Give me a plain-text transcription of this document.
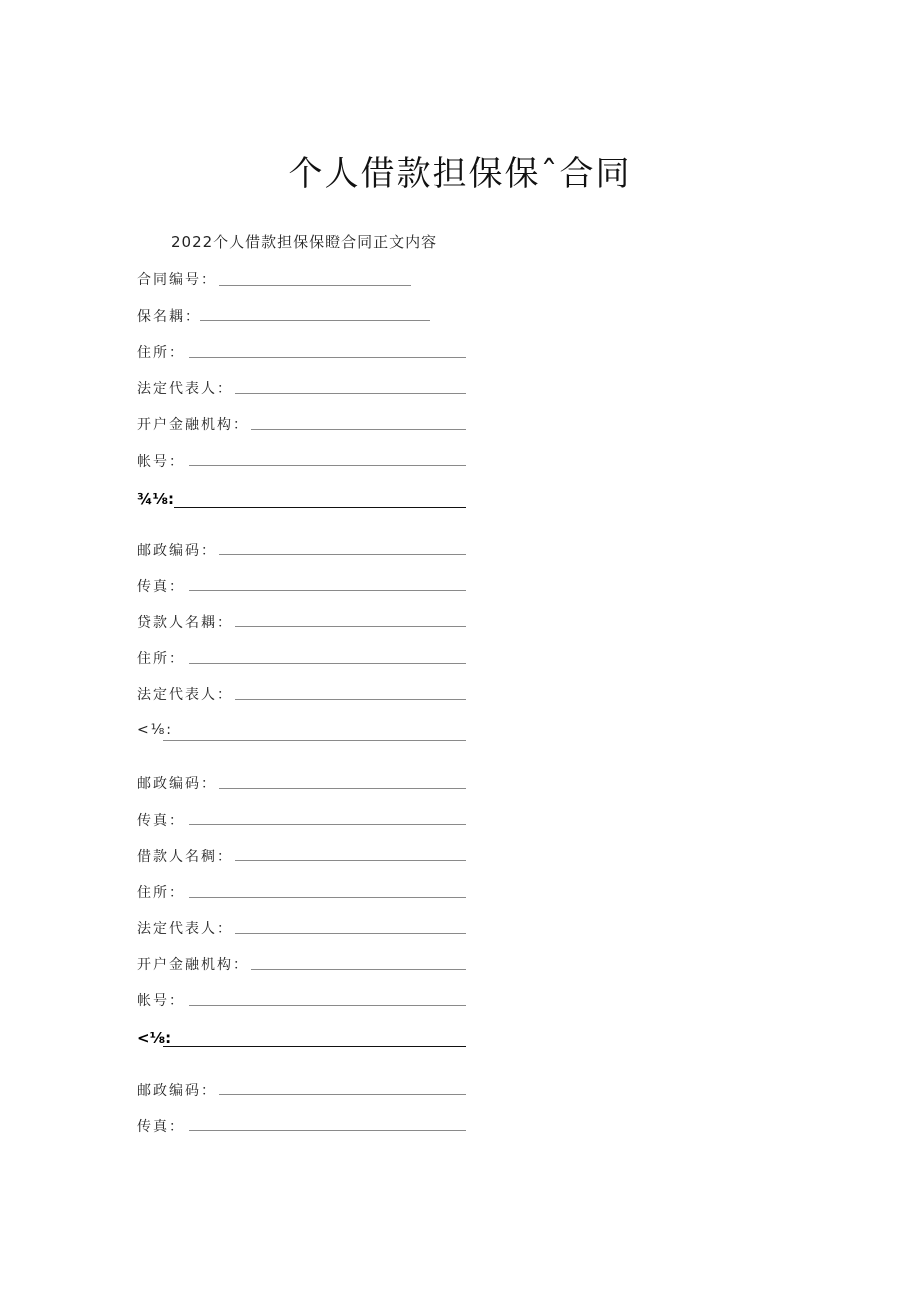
个人借款担保保ˆ合同
2022个人借款担保保瞪合同正文内容
合同编号：
保名耦：
住所：
法定代表人：
开户金融机构：
帐号：
¾⅛:
邮政编码：
传真：
贷款人名耦：
住所：
法定代表人：
<⅛:
邮政编码：
传真：
借款人名稠：
住所：
法定代表人：
开户金融机构：
帐号：
<⅛:
邮政编码：
传真：
